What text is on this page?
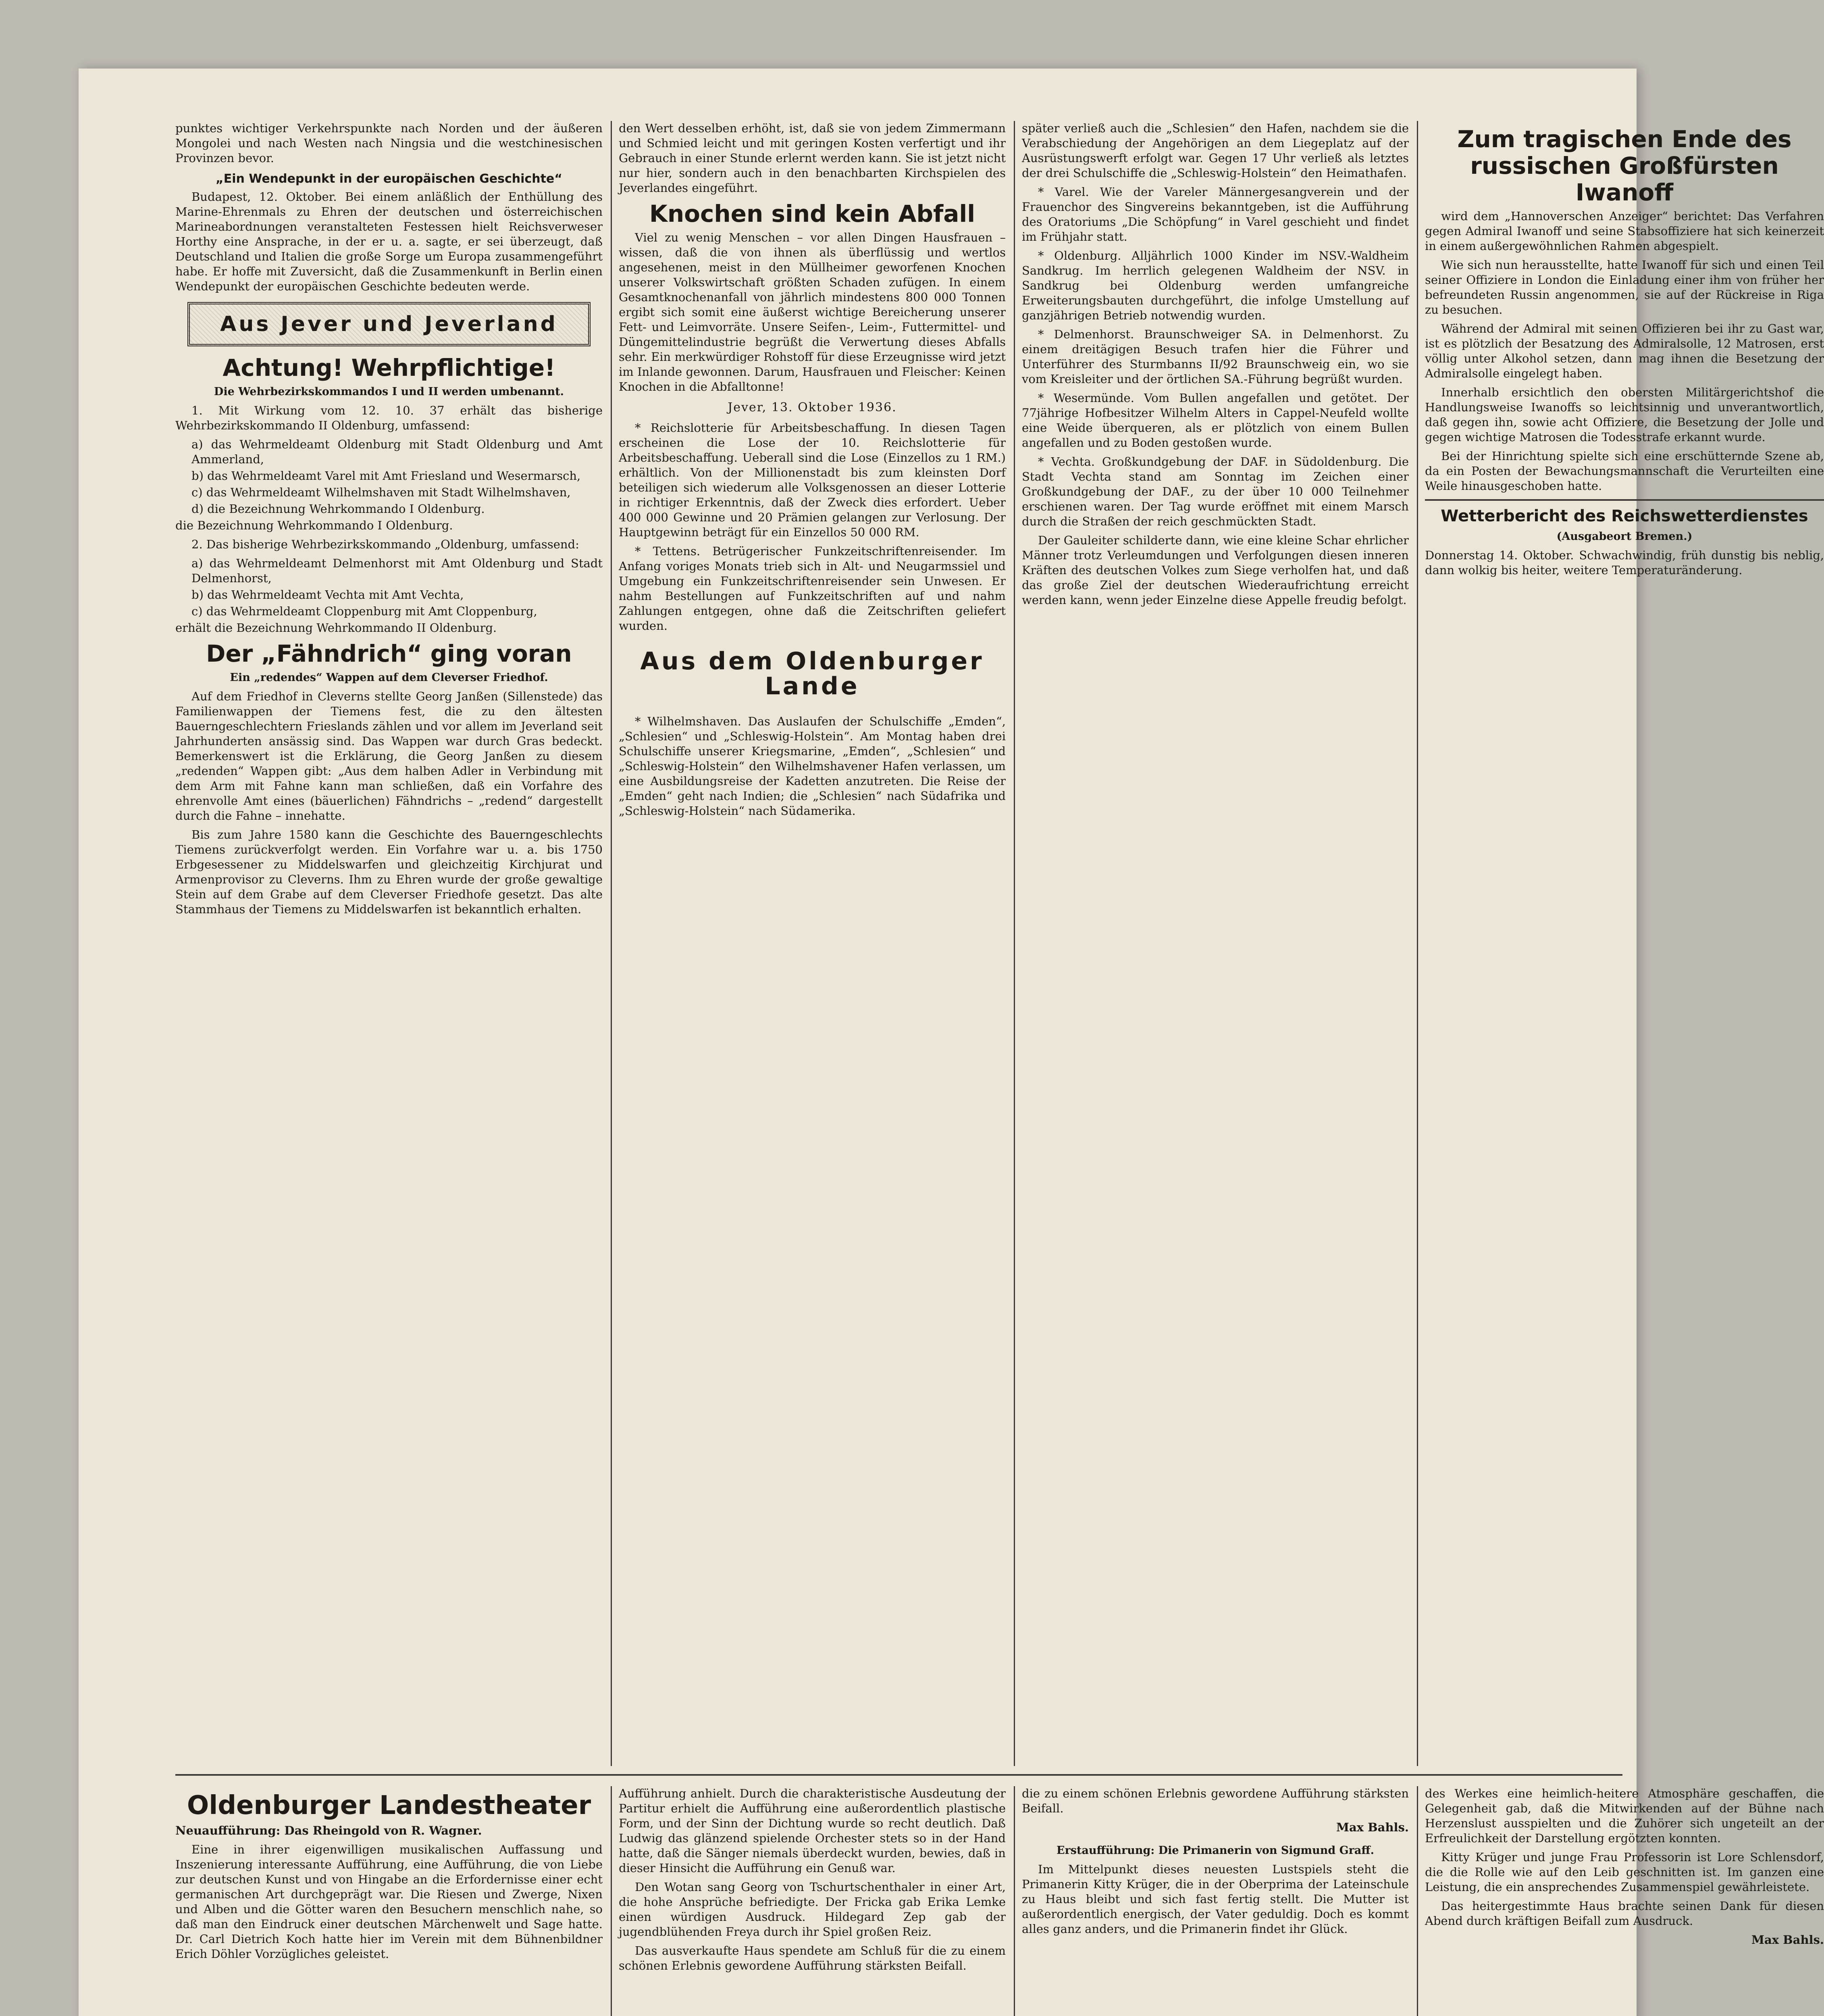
punktes wichtiger Verkehrspunkte nach Norden und der äußeren Mongolei und nach Westen nach Ningsia und die westchinesischen Provinzen bevor.

„Ein Wendepunkt in der europäischen Geschichte“

Budapest, 12. Oktober. Bei einem anläßlich der Enthüllung des Marine-Ehrenmals zu Ehren der deutschen und österreichischen Marineabordnungen veranstalteten Festessen hielt Reichsverweser Horthy eine Ansprache, in der er u. a. sagte, er sei überzeugt, daß Deutschland und Italien die große Sorge um Europa zusammengeführt habe. Er hoffe mit Zuversicht, daß die Zusammenkunft in Berlin einen Wendepunkt der europäischen Geschichte bedeuten werde.

Aus Jever und Jeverland
Achtung! Wehrpflichtige!
Die Wehrbezirkskommandos I und II werden umbenannt.

1. Mit Wirkung vom 12. 10. 37 erhält das bisherige Wehrbezirkskommando II Oldenburg, umfassend:

a) das Wehrmeldeamt Oldenburg mit Stadt Oldenburg und Amt Ammerland,

b) das Wehrmeldeamt Varel mit Amt Friesland und Wesermarsch,

c) das Wehrmeldeamt Wilhelmshaven mit Stadt Wilhelmshaven,

d) die Bezeichnung Wehrkommando I Oldenburg.

die Bezeichnung Wehrkommando I Oldenburg.

2. Das bisherige Wehrbezirkskommando „Oldenburg, umfassend:

a) das Wehrmeldeamt Delmenhorst mit Amt Oldenburg und Stadt Delmenhorst,

b) das Wehrmeldeamt Vechta mit Amt Vechta,

c) das Wehrmeldeamt Cloppenburg mit Amt Cloppenburg,

erhält die Bezeichnung Wehrkommando II Oldenburg.

Der „Fähndrich“ ging voran
Ein „redendes“ Wappen auf dem Cleverser Friedhof.

Auf dem Friedhof in Cleverns stellte Georg Janßen (Sillenstede) das Familienwappen der Tiemens fest, die zu den ältesten Bauerngeschlechtern Frieslands zählen und vor allem im Jeverland seit Jahrhunderten ansässig sind. Das Wappen war durch Gras bedeckt. Bemerkenswert ist die Erklärung, die Georg Janßen zu diesem „redenden“ Wappen gibt: „Aus dem halben Adler in Verbindung mit dem Arm mit Fahne kann man schließen, daß ein Vorfahre des ehrenvolle Amt eines (bäuerlichen) Fähndrichs – „redend“ dargestellt durch die Fahne – innehatte.

Bis zum Jahre 1580 kann die Geschichte des Bauerngeschlechts Tiemens zurückverfolgt werden. Ein Vorfahre war u. a. bis 1750 Erbgesessener zu Middelswarfen und gleichzeitig Kirchjurat und Armenprovisor zu Cleverns. Ihm zu Ehren wurde der große gewaltige Stein auf dem Grabe auf dem Cleverser Friedhofe gesetzt. Das alte Stammhaus der Tiemens zu Middelswarfen ist bekanntlich erhalten.

den Wert desselben erhöht, ist, daß sie von jedem Zimmermann und Schmied leicht und mit geringen Kosten verfertigt und ihr Gebrauch in einer Stunde erlernt werden kann. Sie ist jetzt nicht nur hier, sondern auch in den benachbarten Kirchspielen des Jeverlandes eingeführt.

Knochen sind kein Abfall

Viel zu wenig Menschen – vor allen Dingen Hausfrauen – wissen, daß die von ihnen als überflüssig und wertlos angesehenen, meist in den Müllheimer geworfenen Knochen unserer Volkswirtschaft größten Schaden zufügen. In einem Gesamtknochenanfall von jährlich mindestens 800 000 Tonnen ergibt sich somit eine äußerst wichtige Bereicherung unserer Fett- und Leimvorräte. Unsere Seifen-, Leim-, Futtermittel- und Düngemittelindustrie begrüßt die Verwertung dieses Abfalls sehr. Ein merkwürdiger Rohstoff für diese Erzeugnisse wird jetzt im Inlande gewonnen. Darum, Hausfrauen und Fleischer: Keinen Knochen in die Abfalltonne!

Jever, 13. Oktober 1936.

* Reichslotterie für Arbeitsbeschaffung. In diesen Tagen erscheinen die Lose der 10. Reichslotterie für Arbeitsbeschaffung. Ueberall sind die Lose (Einzellos zu 1 RM.) erhältlich. Von der Millionenstadt bis zum kleinsten Dorf beteiligen sich wiederum alle Volksgenossen an dieser Lotterie in richtiger Erkenntnis, daß der Zweck dies erfordert. Ueber 400 000 Gewinne und 20 Prämien gelangen zur Verlosung. Der Hauptgewinn beträgt für ein Einzellos 50 000 RM.

* Tettens. Betrügerischer Funkzeitschriftenreisender. Im Anfang voriges Monats trieb sich in Alt- und Neugarmssiel und Umgebung ein Funkzeitschriftenreisender sein Unwesen. Er nahm Bestellungen auf Funkzeitschriften auf und nahm Zahlungen entgegen, ohne daß die Zeitschriften geliefert wurden.

Aus dem Oldenburger Lande

* Wilhelmshaven. Das Auslaufen der Schulschiffe „Emden“, „Schlesien“ und „Schleswig-Holstein“. Am Montag haben drei Schulschiffe unserer Kriegsmarine, „Emden“, „Schlesien“ und „Schleswig-Holstein“ den Wilhelmshavener Hafen verlassen, um eine Ausbildungsreise der Kadetten anzutreten. Die Reise der „Emden“ geht nach Indien; die „Schlesien“ nach Südafrika und „Schleswig-Holstein“ nach Südamerika.

später verließ auch die „Schlesien“ den Hafen, nachdem sie die Verabschiedung der Angehörigen an dem Liegeplatz auf der Ausrüstungswerft erfolgt war. Gegen 17 Uhr verließ als letztes der drei Schulschiffe die „Schleswig-Holstein“ den Heimathafen.

* Varel. Wie der Vareler Männergesangverein und der Frauenchor des Singvereins bekanntgeben, ist die Aufführung des Oratoriums „Die Schöpfung“ in Varel geschieht und findet im Frühjahr statt.

* Oldenburg. Alljährlich 1000 Kinder im NSV.-Waldheim Sandkrug. Im herrlich gelegenen Waldheim der NSV. in Sandkrug bei Oldenburg werden umfangreiche Erweiterungsbauten durchgeführt, die infolge Umstellung auf ganzjährigen Betrieb notwendig wurden.

* Delmenhorst. Braunschweiger SA. in Delmenhorst. Zu einem dreitägigen Besuch trafen hier die Führer und Unterführer des Sturmbanns II/92 Braunschweig ein, wo sie vom Kreisleiter und der örtlichen SA.-Führung begrüßt wurden.

* Wesermünde. Vom Bullen angefallen und getötet. Der 77jährige Hofbesitzer Wilhelm Alters in Cappel-Neufeld wollte eine Weide überqueren, als er plötzlich von einem Bullen angefallen und zu Boden gestoßen wurde.

* Vechta. Großkundgebung der DAF. in Südoldenburg. Die Stadt Vechta stand am Sonntag im Zeichen einer Großkundgebung der DAF., zu der über 10 000 Teilnehmer erschienen waren. Der Tag wurde eröffnet mit einem Marsch durch die Straßen der reich geschmückten Stadt.

Der Gauleiter schilderte dann, wie eine kleine Schar ehrlicher Männer trotz Verleumdungen und Verfolgungen diesen inneren Kräften des deutschen Volkes zum Siege verholfen hat, und daß das große Ziel der deutschen Wiederaufrichtung erreicht werden kann, wenn jeder Einzelne diese Appelle freudig befolgt.

Zum tragischen Ende des russischen Großfürsten Iwanoff

wird dem „Hannoverschen Anzeiger“ berichtet: Das Verfahren gegen Admiral Iwanoff und seine Stabsoffiziere hat sich keinerzeit in einem außergewöhnlichen Rahmen abgespielt.

Wie sich nun herausstellte, hatte Iwanoff für sich und einen Teil seiner Offiziere in London die Einladung einer ihm von früher her befreundeten Russin angenommen, sie auf der Rückreise in Riga zu besuchen.

Während der Admiral mit seinen Offizieren bei ihr zu Gast war, ist es plötzlich der Besatzung des Admiralsolle, 12 Matrosen, erst völlig unter Alkohol setzen, dann mag ihnen die Besetzung der Admiralsolle eingelegt haben.

Innerhalb ersichtlich den obersten Militärgerichtshof die Handlungsweise Iwanoffs so leichtsinnig und unverantwortlich, daß gegen ihn, sowie acht Offiziere, die Besetzung der Jolle und gegen wichtige Matrosen die Todesstrafe erkannt wurde.

Bei der Hinrichtung spielte sich eine erschütternde Szene ab, da ein Posten der Bewachungsmannschaft die Verurteilten eine Weile hinausgeschoben hatte.

Wetterbericht des Reichswetterdienstes
(Ausgabeort Bremen.)

Donnerstag 14. Oktober. Schwachwindig, früh dunstig bis neblig, dann wolkig bis heiter, weitere Temperaturänderung.

Oldenburger Landestheater

Neuaufführung: Das Rheingold von R. Wagner.

Eine in ihrer eigenwilligen musikalischen Auffassung und Inszenierung interessante Aufführung, eine Aufführung, die von Liebe zur deutschen Kunst und von Hingabe an die Erfordernisse einer echt germanischen Art durchgeprägt war. Die Riesen und Zwerge, Nixen und Alben und die Götter waren den Besuchern menschlich nahe, so daß man den Eindruck einer deutschen Märchenwelt und Sage hatte. Dr. Carl Dietrich Koch hatte hier im Verein mit dem Bühnenbildner Erich Döhler Vorzügliches geleistet.

Aufführung anhielt. Durch die charakteristische Ausdeutung der Partitur erhielt die Aufführung eine außerordentlich plastische Form, und der Sinn der Dichtung wurde so recht deutlich. Daß Ludwig das glänzend spielende Orchester stets so in der Hand hatte, daß die Sänger niemals überdeckt wurden, bewies, daß in dieser Hinsicht die Aufführung ein Genuß war.

Den Wotan sang Georg von Tschurtschenthaler in einer Art, die hohe Ansprüche befriedigte. Der Fricka gab Erika Lemke einen würdigen Ausdruck. Hildegard Zep gab der jugendblühenden Freya durch ihr Spiel großen Reiz.

Das ausverkaufte Haus spendete am Schluß für die zu einem schönen Erlebnis gewordene Aufführung stärksten Beifall.

die zu einem schönen Erlebnis gewordene Aufführung stärksten Beifall.

Max Bahls.

Erstaufführung: Die Primanerin von Sigmund Graff.

Im Mittelpunkt dieses neuesten Lustspiels steht die Primanerin Kitty Krüger, die in der Oberprima der Lateinschule zu Haus bleibt und sich fast fertig stellt. Die Mutter ist außerordentlich energisch, der Vater geduldig. Doch es kommt alles ganz anders, und die Primanerin findet ihr Glück.

des Werkes eine heimlich-heitere Atmosphäre geschaffen, die Gelegenheit gab, daß die Mitwirkenden auf der Bühne nach Herzenslust ausspielten und die Zuhörer sich ungeteilt an der Erfreulichkeit der Darstellung ergötzten konnten.

Kitty Krüger und junge Frau Professorin ist Lore Schlensdorf, die die Rolle wie auf den Leib geschnitten ist. Im ganzen eine Leistung, die ein ansprechendes Zusammenspiel gewährleistete.

Das heitergestimmte Haus brachte seinen Dank für diesen Abend durch kräftigen Beifall zum Ausdruck.

Max Bahls.
